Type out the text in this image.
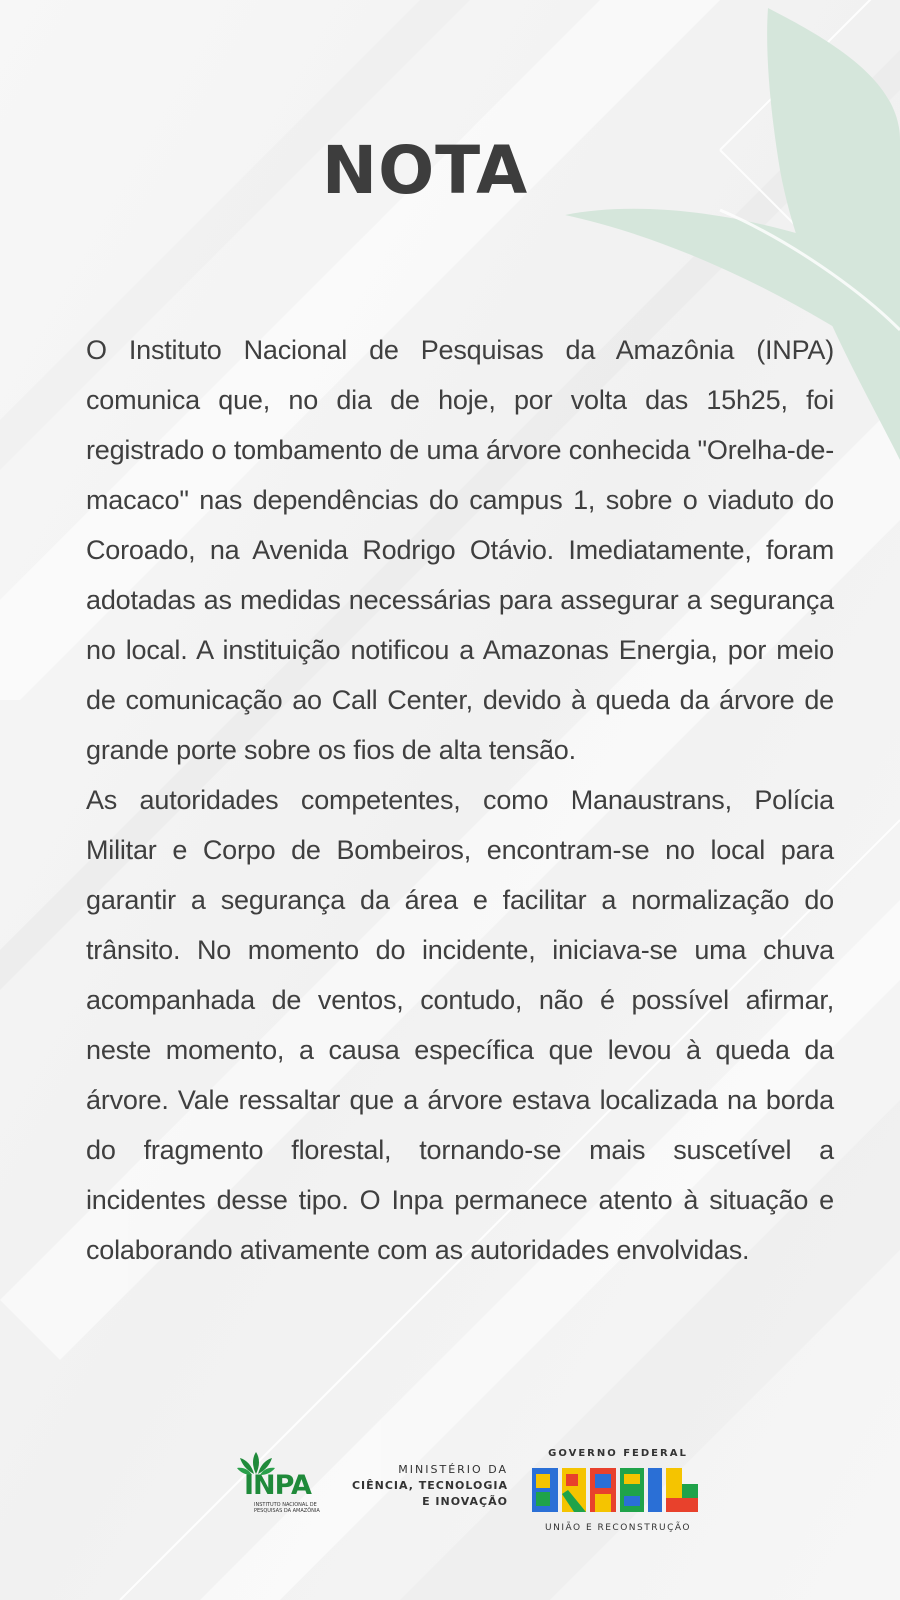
NOTA

O Instituto Nacional de Pesquisas da Amazônia (INPA) comunica que, no dia de hoje, por volta das 15h25, foi registrado o tombamento de uma árvore conhecida "Orelha-de- macaco" nas dependências do campus 1, sobre o viaduto do Coroado, na Avenida Rodrigo Otávio. Imediatamente, foram adotadas as medidas necessárias para assegurar a segurança no local. A instituição notificou a Amazonas Energia, por meio de comunicação ao Call Center, devido à queda da árvore de grande porte sobre os fios de alta tensão.

As autoridades competentes, como Manaustrans, Polícia Militar e Corpo de Bombeiros, encontram-se no local para garantir a segurança da área e facilitar a normalização do trânsito. No momento do incidente, iniciava-se uma chuva acompanhada de ventos, contudo, não é possível afirmar, neste momento, a causa específica que levou à queda da árvore. Vale ressaltar que a árvore estava localizada na borda do fragmento florestal, tornando-se mais suscetível a incidentes desse tipo. O Inpa permanece atento à situação e colaborando ativamente com as autoridades envolvidas.

INPA
INSTITUTO NACIONAL DE PESQUISAS DA AMAZÔNIA
MINISTÉRIO DA
CIÊNCIA, TECNOLOGIA
E INOVAÇÃO
GOVERNO FEDERAL
UNIÃO E RECONSTRUÇÃO
